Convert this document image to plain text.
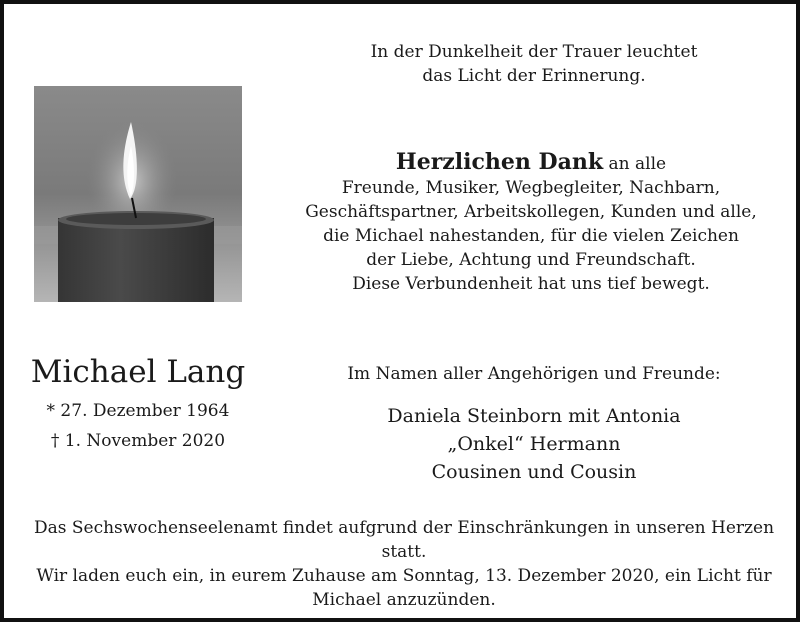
In der Dunkelheit der Trauer leuchtet
das Licht der Erinnerung.
Herzlichen Dank an alle
Freunde, Musiker, Wegbegleiter, Nachbarn,
Geschäftspartner, Arbeitskollegen, Kunden und alle,
die Michael nahestanden, für die vielen Zeichen
der Liebe, Achtung und Freundschaft.
Diese Verbundenheit hat uns tief bewegt.
Michael Lang
* 27. Dezember 1964
† 1. November 2020
Im Namen aller Angehörigen und Freunde:
Daniela Steinborn mit Antonia
„Onkel“ Hermann
Cousinen und Cousin
Das Sechswochenseelenamt findet aufgrund der Einschränkungen in unseren Herzen statt.
Wir laden euch ein, in eurem Zuhause am Sonntag, 13. Dezember 2020, ein Licht für
Michael anzuzünden.
